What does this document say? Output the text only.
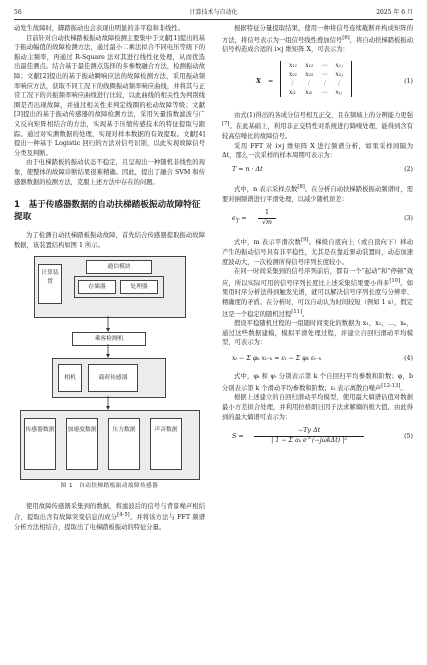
56	计算技术与自动化	2025 年 6 月

动发生故障时，脚踏振动也会表现出明显的非平稳和非线性。

目前针对自动扶梯踏板振动故障检测主要集中于文献[1]提出的基于振动幅值的故障检测方法，通过最小二乘法拟合不同电压等级下的振动主频率，再通过 R-Square 法对其进行线性化处理，从而优选出最佳测点。结合基于最佳测点选择的多参数融合方法，检测振动故障；文献[2]提出的基于振动瞬响应法的故障检测方法，采用振动频率响应方法，获取不同工况下的线圈振动频率响应曲线，并将其与正常工况下的共振频率响应曲线进行比较，以此曲线的相关性为判别线圈是否出现故障，并通过相关性来判定线圈的松动故障等级；文献[3]提出的基于振动传感器的故障检测方法，采用矢量指数滤波与广义反向矩阵相结合的方法，实现基于压缩传感技术的特征提取与跟踪。通过对实测数据的处理，实现对样本数据的有效提取。文献[4]提出一种基于 Logistic 回归的方法对信号识别，以此实现故障信号分类及判断。

由于电梯踏板的振动状态不稳定，且呈现出一种随机非线性的现象，使整体的故障诊断结果很难精确。因此，提出了融合 SVM 和传感器数据的检测方法，克服上述方法中存在的问题。

1　基于传感器数据的自动扶梯踏板振动故障特征提取

为了检测自动扶梯踏板振动故障，首先结合传感器提取振动故障数据，该装置结构如图 1 所示。

计算装置
通信模块
存储器	处理器
乘客检测机
相机	载荷传感器
传感器数据 加速度数据	压力数据	声音数据
图 1　自动扶梯踏板振动故障传感器

使用故障传感器采集到的数据，将滤波后的信号与背景噪声相结合，提取出含有故障突变信息的成分[4-5]。并将该方法与 FFT 频谱分析方法相结合，提取出了电梯踏板振动的特征分量。

根据特征分量提取结果，使用一种将信号连续截断并构成矩阵的方法，将信号表示为一组信号线性叠加信号[6]，将自动扶梯踏板振动信号构造成合适的 i×j 维矩阵 X，可表示为：

X =
x₁₁	x₁₂	⋯	x₁ⱼ
x₂₁	x₂₂	⋯	x₂ⱼ
⋮	⋮	⋮	⋮
xᵢ₁	xᵢ₂	⋯	xᵢⱼ
(1)

由式(1)得出的各成分信号相互正交，且在频域上的分辨能力更强[7]。在此基础上，利用非正交特性对系统进行降噪处理，能得到含有较高信噪比的故障信号。

采用 FFT 对 i×j 维矩阵 X 进行频谱分析，如果采样间隔为 Δt，那么一次采样的样本周期可表示为：

T = n · Δt	(2)

式中，n 表示采样点数[8]。在分析自动扶梯踏板振动频谱时，需要对倒频谱进行平滑处理，以减少随机误差：

$e_T$ =
1
√m
(3)

式中，m 表示平滑次数[9]。梯级自底向上（或自顶向下）移动产生的振动信号具有非平稳性，尤其是在靠近驱动装置时，动态加速度波动大，一次检测所得信号序列长度较小。

在同一时间采集到的信号序列前后，都有一个“起动”和“停顿”效应，所以实际可用的信号序列长度比上述采集结果要小得多[10]。如果用时序分析法得到触发光谱，就可以解决信号序列长度与分辨率、精确度的矛盾。在分析时，可以自动认为时间较短（例如 1 s），假定这是一个稳定的随机过程[11]。

假设平稳随机过程的一组随时间变化的数据为 x₁，x₂，…，xₙ，通过这些数据建模，模拟平滑处理过程，并建立自回归滑动平均模型，可表示为：

xₜ − Σ φₖ xₜ₋ₖ = εₜ − Σ φₖ εₜ₋ₖ	(4)

式中，φᵢ 和 ψᵢ 分别表示第 k 个自回归平均参数和阶数；φ，b 分别表示第 k 个滑动平均参数和阶数；εᵢ 表示离散白噪声[12-13]。

根据上述建立的自回归滑动平均模型，使用最大熵谱估值对数据最小方差拟合处理，并利用拉格朗日因子法求解熵的极大值，由此得到的最大熵谱可表示为：

S =
−Tγ Δt
| 1 − Σ aₖ e^(−jωkΔt) |²
(5)
